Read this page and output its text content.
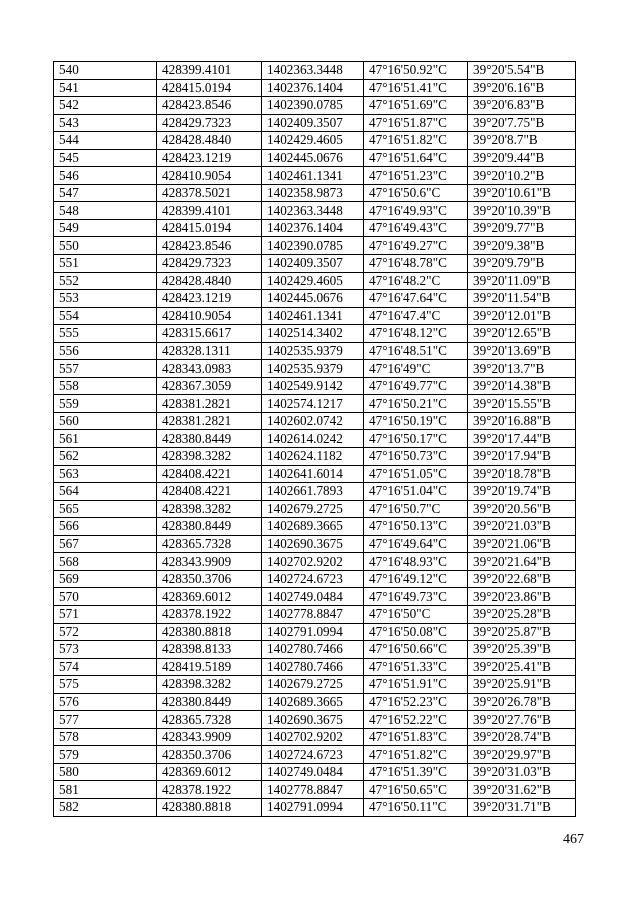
540	428399.4101	1402363.3448	47°16'50.92"С	39°20'5.54"В
541	428415.0194	1402376.1404	47°16'51.41"С	39°20'6.16"В
542	428423.8546	1402390.0785	47°16'51.69"С	39°20'6.83"В
543	428429.7323	1402409.3507	47°16'51.87"С	39°20'7.75"В
544	428428.4840	1402429.4605	47°16'51.82"С	39°20'8.7"В
545	428423.1219	1402445.0676	47°16'51.64"С	39°20'9.44"В
546	428410.9054	1402461.1341	47°16'51.23"С	39°20'10.2"В
547	428378.5021	1402358.9873	47°16'50.6"С	39°20'10.61"В
548	428399.4101	1402363.3448	47°16'49.93"С	39°20'10.39"В
549	428415.0194	1402376.1404	47°16'49.43"С	39°20'9.77"В
550	428423.8546	1402390.0785	47°16'49.27"С	39°20'9.38"В
551	428429.7323	1402409.3507	47°16'48.78"С	39°20'9.79"В
552	428428.4840	1402429.4605	47°16'48.2"С	39°20'11.09"В
553	428423.1219	1402445.0676	47°16'47.64"С	39°20'11.54"В
554	428410.9054	1402461.1341	47°16'47.4"С	39°20'12.01"В
555	428315.6617	1402514.3402	47°16'48.12"С	39°20'12.65"В
556	428328.1311	1402535.9379	47°16'48.51"С	39°20'13.69"В
557	428343.0983	1402535.9379	47°16'49"С	39°20'13.7"В
558	428367.3059	1402549.9142	47°16'49.77"С	39°20'14.38"В
559	428381.2821	1402574.1217	47°16'50.21"С	39°20'15.55"В
560	428381.2821	1402602.0742	47°16'50.19"С	39°20'16.88"В
561	428380.8449	1402614.0242	47°16'50.17"С	39°20'17.44"В
562	428398.3282	1402624.1182	47°16'50.73"С	39°20'17.94"В
563	428408.4221	1402641.6014	47°16'51.05"С	39°20'18.78"В
564	428408.4221	1402661.7893	47°16'51.04"С	39°20'19.74"В
565	428398.3282	1402679.2725	47°16'50.7"С	39°20'20.56"В
566	428380.8449	1402689.3665	47°16'50.13"С	39°20'21.03"В
567	428365.7328	1402690.3675	47°16'49.64"С	39°20'21.06"В
568	428343.9909	1402702.9202	47°16'48.93"С	39°20'21.64"В
569	428350.3706	1402724.6723	47°16'49.12"С	39°20'22.68"В
570	428369.6012	1402749.0484	47°16'49.73"С	39°20'23.86"В
571	428378.1922	1402778.8847	47°16'50"С	39°20'25.28"В
572	428380.8818	1402791.0994	47°16'50.08"С	39°20'25.87"В
573	428398.8133	1402780.7466	47°16'50.66"С	39°20'25.39"В
574	428419.5189	1402780.7466	47°16'51.33"С	39°20'25.41"В
575	428398.3282	1402679.2725	47°16'51.91"С	39°20'25.91"В
576	428380.8449	1402689.3665	47°16'52.23"С	39°20'26.78"В
577	428365.7328	1402690.3675	47°16'52.22"С	39°20'27.76"В
578	428343.9909	1402702.9202	47°16'51.83"С	39°20'28.74"В
579	428350.3706	1402724.6723	47°16'51.82"С	39°20'29.97"В
580	428369.6012	1402749.0484	47°16'51.39"С	39°20'31.03"В
581	428378.1922	1402778.8847	47°16'50.65"С	39°20'31.62"В
582	428380.8818	1402791.0994	47°16'50.11"С	39°20'31.71"В
467
